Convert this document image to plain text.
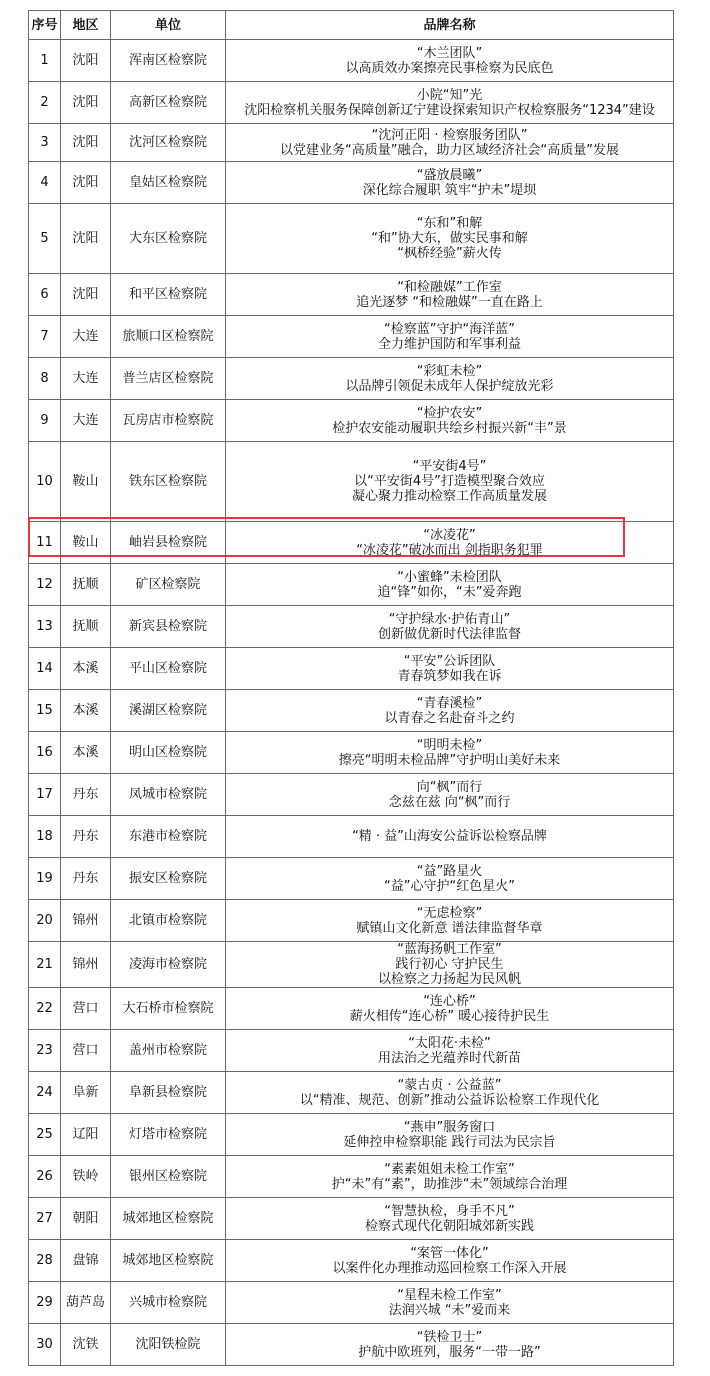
序号	地区	单位	品牌名称
1	沈阳	浑南区检察院	“木兰团队”
以高质效办案擦亮民事检察为民底色

2	沈阳	高新区检察院	小院“知”光
沈阳检察机关服务保障创新辽宁建设探索知识产权检察服务“1234”建设

3	沈阳	沈河区检察院	“沈河正阳 · 检察服务团队”
以党建业务“高质量”融合，助力区域经济社会“高质量”发展

4	沈阳	皇姑区检察院	“盛放晨曦”
深化综合履职 筑牢“护未”堤坝

5	沈阳	大东区检察院	“东和”和解
“和”协大东，做实民事和解
“枫桥经验”薪火传

6	沈阳	和平区检察院	“和检融媒”工作室
追光逐梦 “和检融媒”一直在路上

7	大连	旅顺口区检察院	“检察蓝”守护“海洋蓝”
全力维护国防和军事利益

8	大连	普兰店区检察院	“彩虹未检”
以品牌引领促未成年人保护绽放光彩

9	大连	瓦房店市检察院	“检护农安”
检护农安能动履职共绘乡村振兴新“丰”景

10	鞍山	铁东区检察院	“平安街4号”
以“平安街4号”打造模型聚合效应
凝心聚力推动检察工作高质量发展

11	鞍山	岫岩县检察院	“冰凌花”
“冰凌花”破冰而出 剑指职务犯罪

12	抚顺	矿区检察院	“小蜜蜂”未检团队
追“锋”如你，“未”爱奔跑

13	抚顺	新宾县检察院	“守护绿水·护佑青山”
创新做优新时代法律监督

14	本溪	平山区检察院	“平安”公诉团队
青春筑梦如我在诉

15	本溪	溪湖区检察院	“青春溪检”
以青春之名赴奋斗之约

16	本溪	明山区检察院	“明明未检”
擦亮“明明未检品牌”守护明山美好未来

17	丹东	凤城市检察院	向“枫”而行
念兹在兹 向“枫”而行

18	丹东	东港市检察院	“精 · 益”山海安公益诉讼检察品牌

19	丹东	振安区检察院	“益”路星火
“益”心守护“红色星火”

20	锦州	北镇市检察院	“无虑检察”
赋镇山文化新意 谱法律监督华章

21	锦州	凌海市检察院	“蓝海扬帆工作室”
践行初心 守护民生
以检察之力扬起为民风帆

22	营口	大石桥市检察院	“连心桥”
薪火相传“连心桥” 暖心接待护民生

23	营口	盖州市检察院	“太阳花·未检”
用法治之光蕴养时代新苗

24	阜新	阜新县检察院	“蒙古贞 · 公益蓝”
以“精准、规范、创新”推动公益诉讼检察工作现代化

25	辽阳	灯塔市检察院	“燕申”服务窗口
延伸控申检察职能 践行司法为民宗旨

26	铁岭	银州区检察院	“素素姐姐未检工作室”
护“未”有“素”，助推涉“未”领域综合治理

27	朝阳	城郊地区检察院	“智慧执检，身手不凡”
检察式现代化朝阳城郊新实践

28	盘锦	城郊地区检察院	“案管一体化”
以案件化办理推动巡回检察工作深入开展

29	葫芦岛	兴城市检察院	“星程未检工作室”
法润兴城 “未”爱而来

30	沈铁	沈阳铁检院	“铁检卫士”
护航中欧班列，服务“一带一路”
